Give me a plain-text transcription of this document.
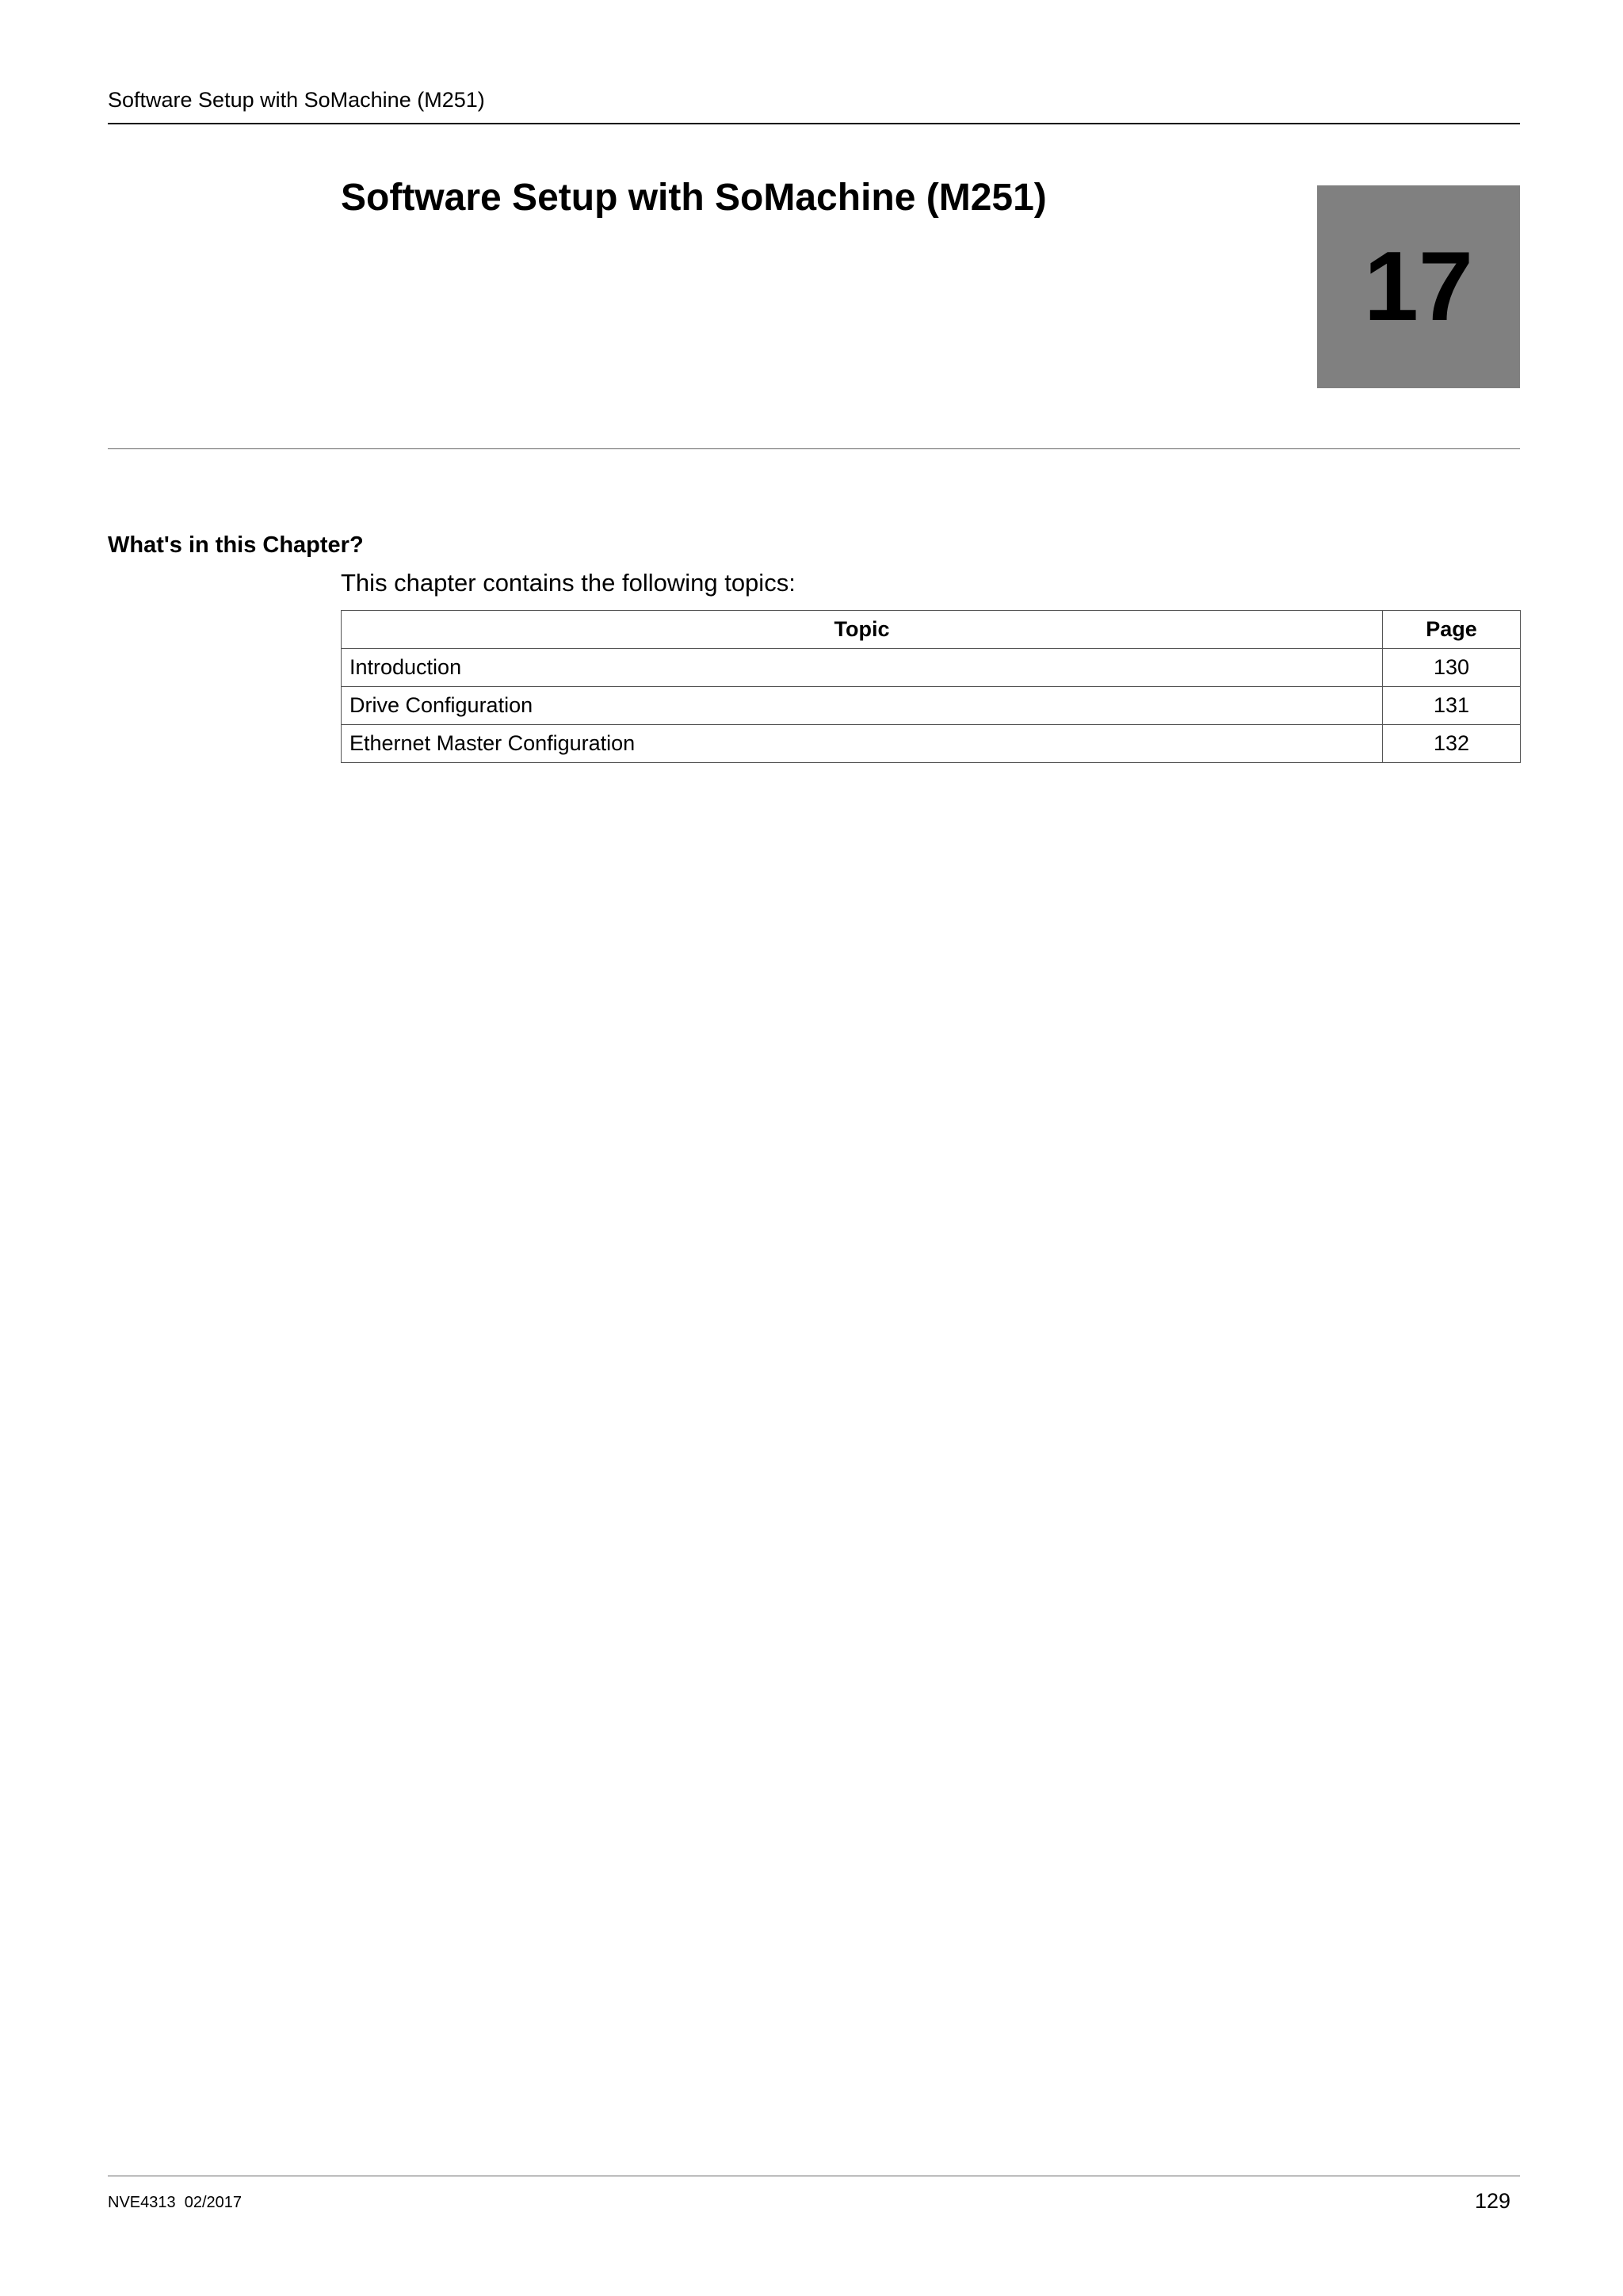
Software Setup with SoMachine (M251)
Software Setup with SoMachine (M251)
17
What's in this Chapter?
This chapter contains the following topics:
Topic	Page
Introduction	130
Drive Configuration	131
Ethernet Master Configuration	132
NVE4313  02/2017	129
